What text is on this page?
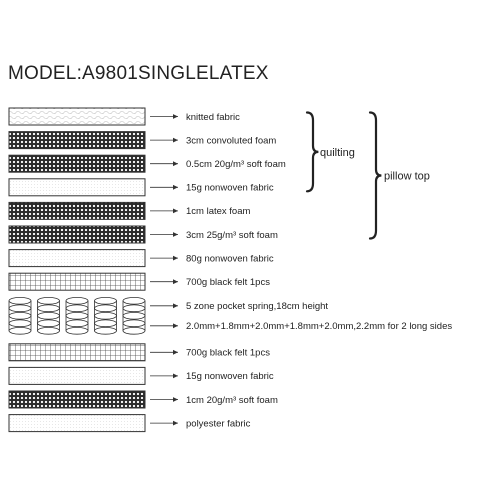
MODEL:A9801SINGLELATEX
knitted fabric
3cm convoluted foam
0.5cm 20g/m³ soft foam
15g nonwoven fabric
1cm latex foam
3cm 25g/m³ soft foam
80g nonwoven fabric
700g black felt 1pcs
5 zone pocket spring,18cm height
2.0mm+1.8mm+2.0mm+1.8mm+2.0mm,2.2mm for 2 long sides
700g black felt 1pcs
15g nonwoven fabric
1cm 20g/m³ soft foam
polyester fabric
quilting
pillow top
